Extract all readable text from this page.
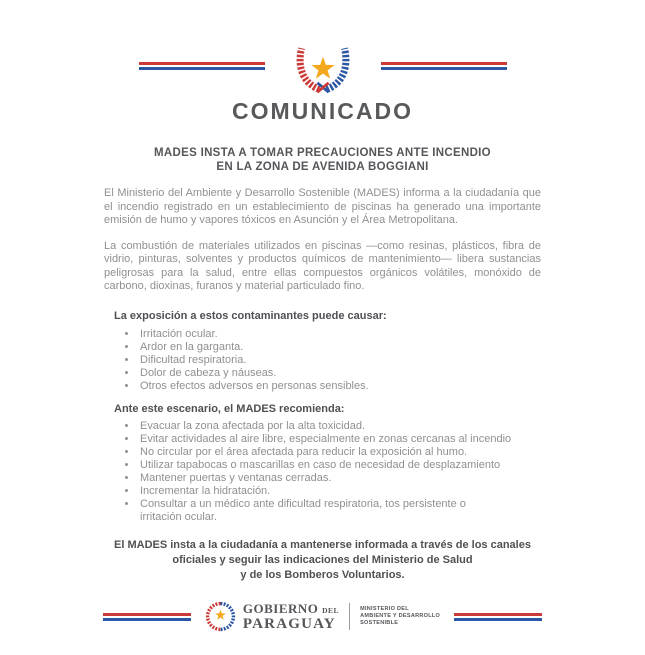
COMUNICADO
MADES INSTA A TOMAR PRECAUCIONES ANTE INCENDIO
EN LA ZONA DE AVENIDA BOGGIANI

El Ministerio del Ambiente y Desarrollo Sostenible (MADES) informa a la ciudadanía que el incendio registrado en un establecimiento de piscinas ha generado una importante emisión de humo y vapores tóxicos en Asunción y el Área Metropolitana.

La combustión de materiales utilizados en piscinas —como resinas, plásticos, fibra de vidrio, pinturas, solventes y productos químicos de mantenimiento— libera sustancias peligrosas para la salud, entre ellas compuestos orgánicos volátiles, monóxido de carbono, dioxinas, furanos y material particulado fino.

La exposición a estos contaminantes puede causar:
• Irritación ocular.
• Ardor en la garganta.
• Dificultad respiratoria.
• Dolor de cabeza y náuseas.
• Otros efectos adversos en personas sensibles.
Ante este escenario, el MADES recomienda:
• Evacuar la zona afectada por la alta toxicidad.
• Evitar actividades al aire libre, especialmente en zonas cercanas al incendio
• No circular por el área afectada para reducir la exposición al humo.
• Utilizar tapabocas o mascarillas en caso de necesidad de desplazamiento
• Mantener puertas y ventanas cerradas.
• Incrementar la hidratación.
• Consultar a un médico ante dificultad respiratoria, tos persistente o irritación ocular.
El MADES insta a la ciudadanía a mantenerse informada a través de los canales
oficiales y seguir las indicaciones del Ministerio de Salud
y de los Bomberos Voluntarios.
GOBIERNO DEL
PARAGUAY
MINISTERIO DEL
AMBIENTE Y DESARROLLO
SOSTENIBLE
